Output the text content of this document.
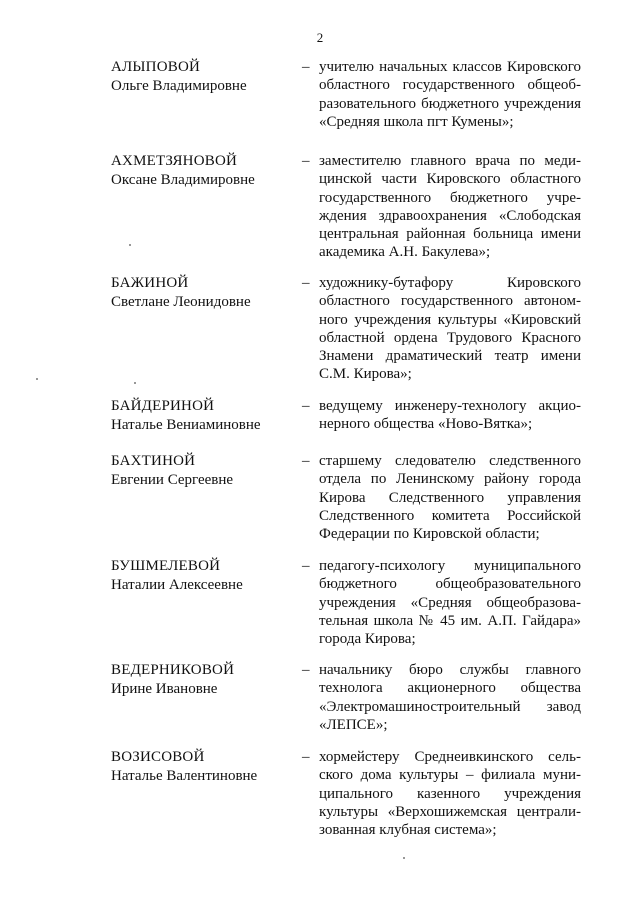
2
АЛЫПОВОЙ
Ольге Владимировне
– учителю начальных классов Кировского областного государственного общеобразовательного бюджетного учреждения «Средняя школа пгт Кумены»;
АХМЕТЗЯНОВОЙ
Оксане Владимировне
– заместителю главного врача по медицинской части Кировского областного государственного бюджетного учреждения здравоохранения «Слободская центральная районная больница имени академика А.Н. Бакулева»;
БАЖИНОЙ
Светлане Леонидовне
– художнику-бутафору Кировского областного государственного автономного учреждения культуры «Кировский областной ордена Трудового Красного Знамени драматический театр имени С.М. Кирова»;
БАЙДЕРИНОЙ
Наталье Вениаминовне
– ведущему инженеру-технологу акционерного общества «Ново-Вятка»;
БАХТИНОЙ
Евгении Сергеевне
– старшему следователю следственного отдела по Ленинскому району города Кирова Следственного управления Следственного комитета Российской Федерации по Кировской области;
БУШМЕЛЕВОЙ
Наталии Алексеевне
– педагогу-психологу муниципального бюджетного общеобразовательного учреждения «Средняя общеобразовательная школа № 45 им. А.П. Гайдара» города Кирова;
ВЕДЕРНИКОВОЙ
Ирине Ивановне
– начальнику бюро службы главного технолога акционерного общества «Электромашиностроительный завод «ЛЕПСЕ»;
ВОЗИСОВОЙ
Наталье Валентиновне
– хормейстеру Среднеивкинского сельского дома культуры – филиала муниципального казенного учреждения культуры «Верхошижемская централизованная клубная система»;
